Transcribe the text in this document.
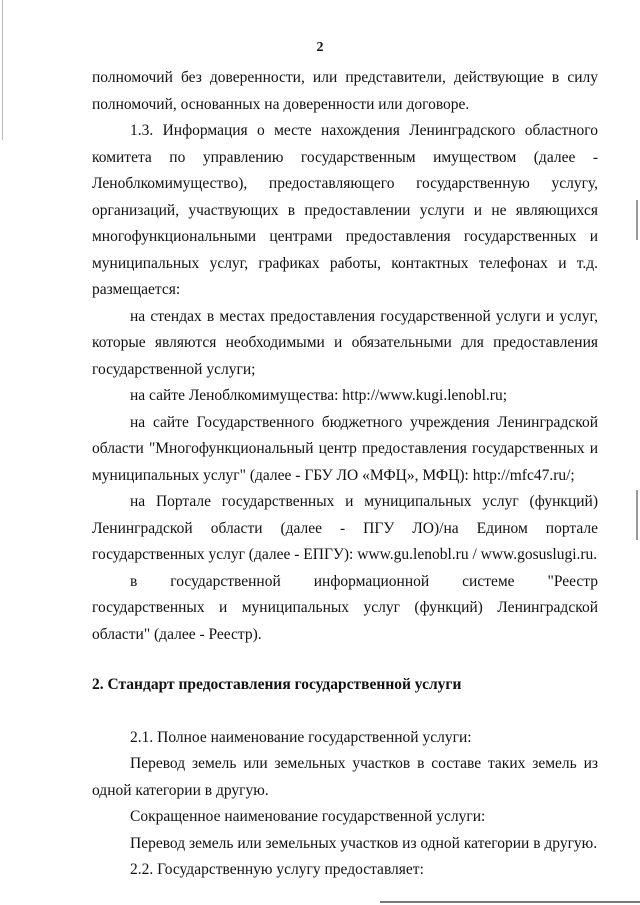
2

полномочий без доверенности, или представители, действующие в силу полномочий, основанных на доверенности или договоре.

1.3. Информация о месте нахождения Ленинградского областного комитета по управлению государственным имуществом (далее - Леноблкомимущество), предоставляющего государственную услугу, организаций, участвующих в предоставлении услуги и не являющихся многофункциональными центрами предоставления государственных и муниципальных услуг, графиках работы, контактных телефонах и т.д. размещается:

на стендах в местах предоставления государственной услуги и услуг, которые являются необходимыми и обязательными для предоставления государственной услуги;

на сайте Леноблкомимущества: http://www.kugi.lenobl.ru;

на сайте Государственного бюджетного учреждения Ленинградской области "Многофункциональный центр предоставления государственных и муниципальных услуг" (далее - ГБУ ЛО «МФЦ», МФЦ): http://mfc47.ru/;

на Портале государственных и муниципальных услуг (функций) Ленинградской области (далее - ПГУ ЛО)/на Едином портале государственных услуг (далее - ЕПГУ): www.gu.lenobl.ru / www.gosuslugi.ru.

в государственной информационной системе "Реестр государственных и муниципальных услуг (функций) Ленинградской области" (далее - Реестр).

2. Стандарт предоставления государственной услуги

2.1. Полное наименование государственной услуги:

Перевод земель или земельных участков в составе таких земель из одной категории в другую.

Сокращенное наименование государственной услуги:

Перевод земель или земельных участков из одной категории в другую.

2.2. Государственную услугу предоставляет:
